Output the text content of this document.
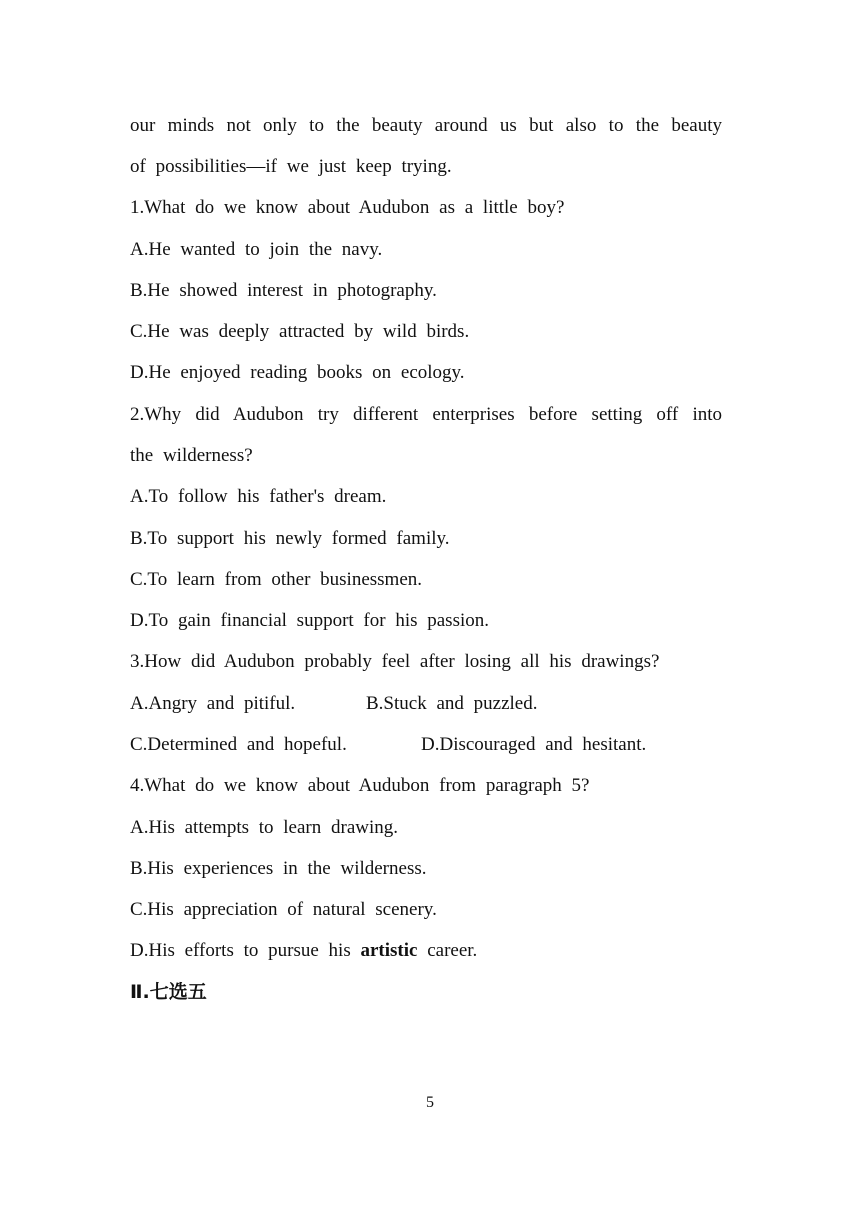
our minds not only to the beauty around us but also to the beauty
of possibilities—if we just keep trying.
1.What do we know about Audubon as a little boy?
A.He wanted to join the navy.
B.He showed interest in photography.
C.He was deeply attracted by wild birds.
D.He enjoyed reading books on ecology.
2.Why did Audubon try different enterprises before setting off into
the wilderness?
A.To follow his father's dream.
B.To support his newly formed family.
C.To learn from other businessmen.
D.To gain financial support for his passion.
3.How did Audubon probably feel after losing all his drawings?
A.Angry and pitiful.	B.Stuck and puzzled.
C.Determined and hopeful.	D.Discouraged and hesitant.
4.What do we know about Audubon from paragraph 5?
A.His attempts to learn drawing.
B.His experiences in the wilderness.
C.His appreciation of natural scenery.
D.His efforts to pursue his artistic career.
Ⅱ.七选五
5
